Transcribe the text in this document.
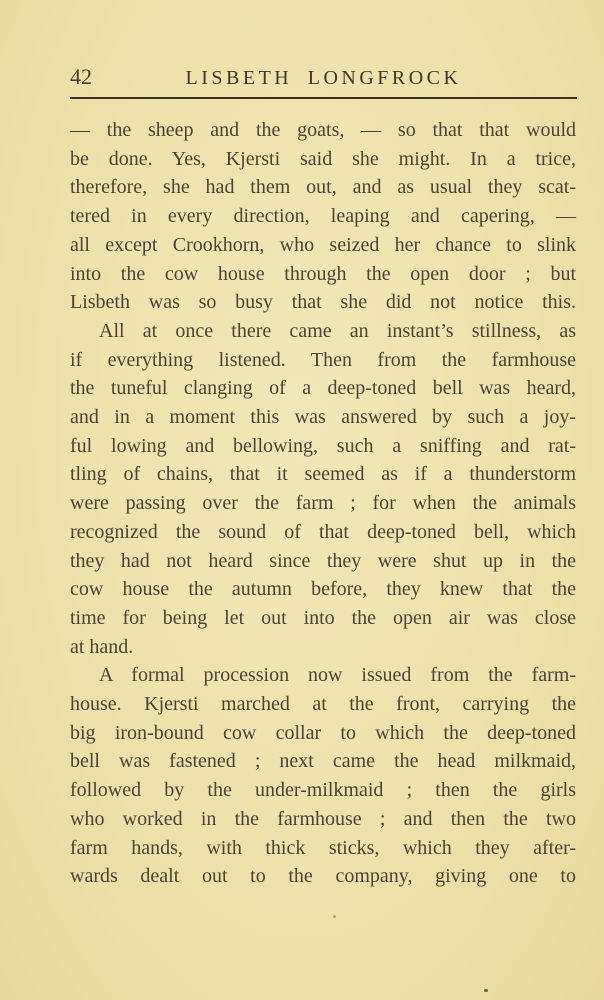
42	LISBETH LONGFROCK
— the sheep and the goats, — so that that would
be done. Yes, Kjersti said she might. In a trice,
therefore, she had them out, and as usual they scat-
tered in every direction, leaping and capering, —
all except Crookhorn, who seized her chance to slink
into the cow house through the open door ; but
Lisbeth was so busy that she did not notice this.
All at once there came an instant’s stillness, as
if everything listened. Then from the farmhouse
the tuneful clanging of a deep-toned bell was heard,
and in a moment this was answered by such a joy-
ful lowing and bellowing, such a sniffing and rat-
tling of chains, that it seemed as if a thunderstorm
were passing over the farm ; for when the animals
recognized the sound of that deep-toned bell, which
they had not heard since they were shut up in the
cow house the autumn before, they knew that the
time for being let out into the open air was close
at hand.
A formal procession now issued from the farm-
house. Kjersti marched at the front, carrying the
big iron-bound cow collar to which the deep-toned
bell was fastened ; next came the head milkmaid,
followed by the under-milkmaid ; then the girls
who worked in the farmhouse ; and then the two
farm hands, with thick sticks, which they after-
wards dealt out to the company, giving one to
